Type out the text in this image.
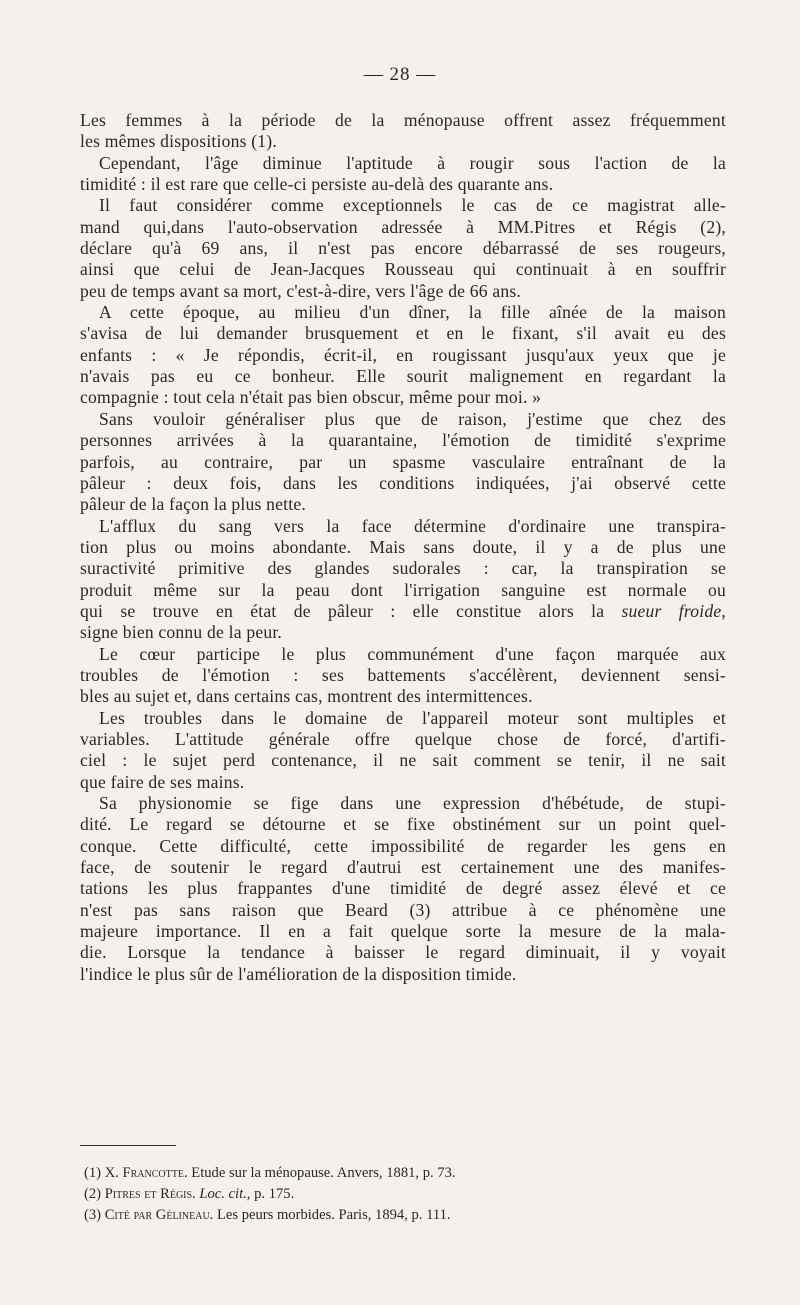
— 28 —
Les femmes à la période de la ménopause offrent assez fréquemment
les mêmes dispositions (1).
Cependant, l'âge diminue l'aptitude à rougir sous l'action de la
timidité : il est rare que celle-ci persiste au-delà des quarante ans.
Il faut considérer comme exceptionnels le cas de ce magistrat alle-
mand qui,dans l'auto-observation adressée à MM.Pitres et Régis (2),
déclare qu'à 69 ans, il n'est pas encore débarrassé de ses rougeurs,
ainsi que celui de Jean-Jacques Rousseau qui continuait à en souffrir
peu de temps avant sa mort, c'est-à-dire, vers l'âge de 66 ans.
A cette époque, au milieu d'un dîner, la fille aînée de la maison
s'avisa de lui demander brusquement et en le fixant, s'il avait eu des
enfants : « Je répondis, écrit-il, en rougissant jusqu'aux yeux que je
n'avais pas eu ce bonheur. Elle sourit malignement en regardant la
compagnie : tout cela n'était pas bien obscur, même pour moi. »
Sans vouloir généraliser plus que de raison, j'estime que chez des
personnes arrivées à la quarantaine, l'émotion de timidité s'exprime
parfois, au contraire, par un spasme vasculaire entraînant de la
pâleur : deux fois, dans les conditions indiquées, j'ai observé cette
pâleur de la façon la plus nette.
L'afflux du sang vers la face détermine d'ordinaire une transpira-
tion plus ou moins abondante. Mais sans doute, il y a de plus une
suractivité primitive des glandes sudorales : car, la transpiration se
produit même sur la peau dont l'irrigation sanguine est normale ou
qui se trouve en état de pâleur : elle constitue alors la sueur froide,
signe bien connu de la peur.
Le cœur participe le plus communément d'une façon marquée aux
troubles de l'émotion : ses battements s'accélèrent, deviennent sensi-
bles au sujet et, dans certains cas, montrent des intermittences.
Les troubles dans le domaine de l'appareil moteur sont multiples et
variables. L'attitude générale offre quelque chose de forcé, d'artifi-
ciel : le sujet perd contenance, il ne sait comment se tenir, il ne sait
que faire de ses mains.
Sa physionomie se fige dans une expression d'hébétude, de stupi-
dité. Le regard se détourne et se fixe obstinément sur un point quel-
conque. Cette difficulté, cette impossibilité de regarder les gens en
face, de soutenir le regard d'autrui est certainement une des manifes-
tations les plus frappantes d'une timidité de degré assez élevé et ce
n'est pas sans raison que Beard (3) attribue à ce phénomène une
majeure importance. Il en a fait quelque sorte la mesure de la mala-
die. Lorsque la tendance à baisser le regard diminuait, il y voyait
l'indice le plus sûr de l'amélioration de la disposition timide.
(1) X. Francotte. Etude sur la ménopause. Anvers, 1881, p. 73.
(2) Pitres et Régis. Loc. cit., p. 175.
(3) Cité par Gélineau. Les peurs morbides. Paris, 1894, p. 111.
